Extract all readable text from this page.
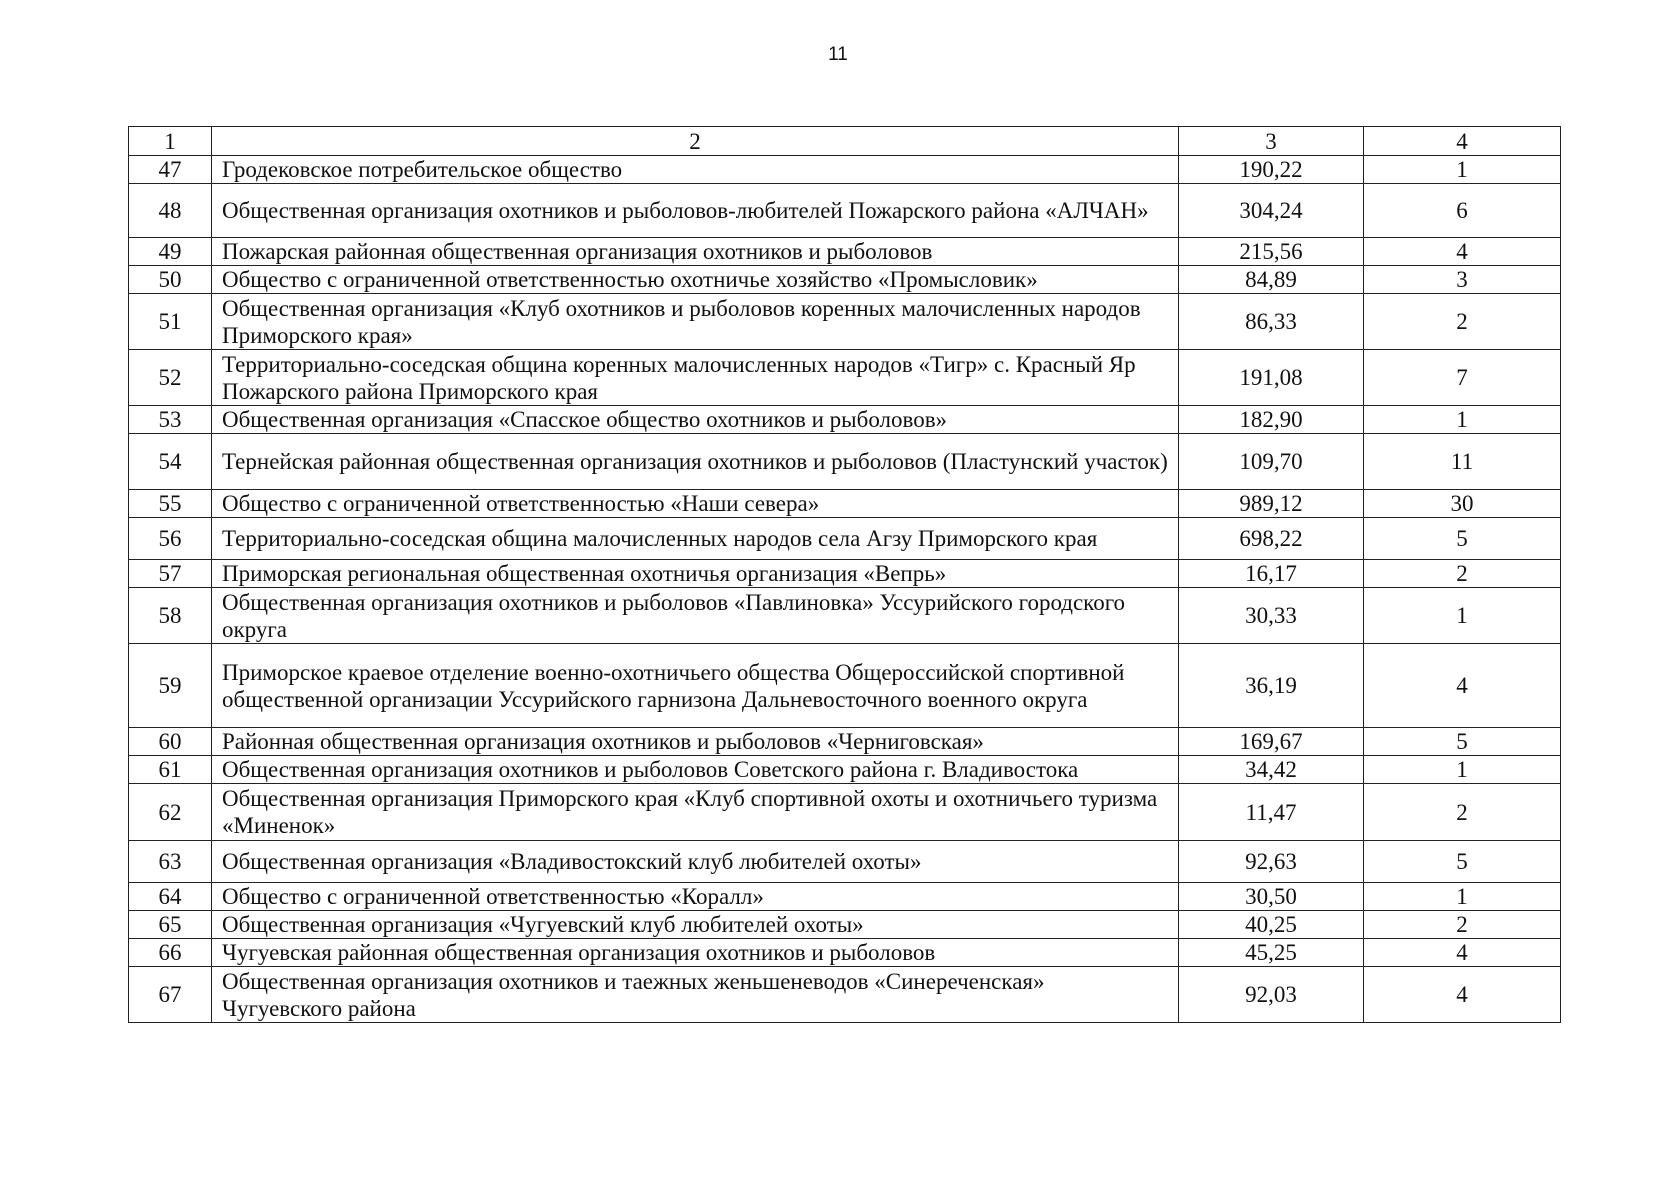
11
1	2	3	4
47	Гродековское потребительское общество	190,22	1
48	Общественная организация охотников и рыболовов-любителей Пожарского района «АЛЧАН»	304,24	6
49	Пожарская районная общественная организация охотников и рыболовов	215,56	4
50	Общество с ограниченной ответственностью охотничье хозяйство «Промысловик»	84,89	3
51	Общественная организация «Клуб охотников и рыболовов коренных малочисленных народов Приморского края»	86,33	2
52	Территориально-соседская община коренных малочисленных народов «Тигр» с. Красный Яр Пожарского района Приморского края	191,08	7
53	Общественная организация «Спасское общество охотников и рыболовов»	182,90	1
54	Тернейская районная общественная организация охотников и рыболовов (Пластунский участок)	109,70	11
55	Общество с ограниченной ответственностью «Наши севера»	989,12	30
56	Территориально-соседская община малочисленных народов села Агзу Приморского края	698,22	5
57	Приморская региональная общественная охотничья организация «Вепрь»	16,17	2
58	Общественная организация охотников и рыболовов «Павлиновка» Уссурийского городского округа	30,33	1
59	Приморское краевое отделение военно-охотничьего общества Общероссийской спортивной общественной организации Уссурийского гарнизона Дальневосточного военного округа	36,19	4
60	Районная общественная организация охотников и рыболовов «Черниговская»	169,67	5
61	Общественная организация охотников и рыболовов Советского района г. Владивостока	34,42	1
62	Общественная организация Приморского края «Клуб спортивной охоты и охотничьего туризма «Миненок»	11,47	2
63	Общественная организация «Владивостокский клуб любителей охоты»	92,63	5
64	Общество с ограниченной ответственностью «Коралл»	30,50	1
65	Общественная организация «Чугуевский клуб любителей охоты»	40,25	2
66	Чугуевская районная общественная организация охотников и рыболовов	45,25	4
67	Общественная организация охотников и таежных женьшеневодов «Синереченская» Чугуевского района	92,03	4
